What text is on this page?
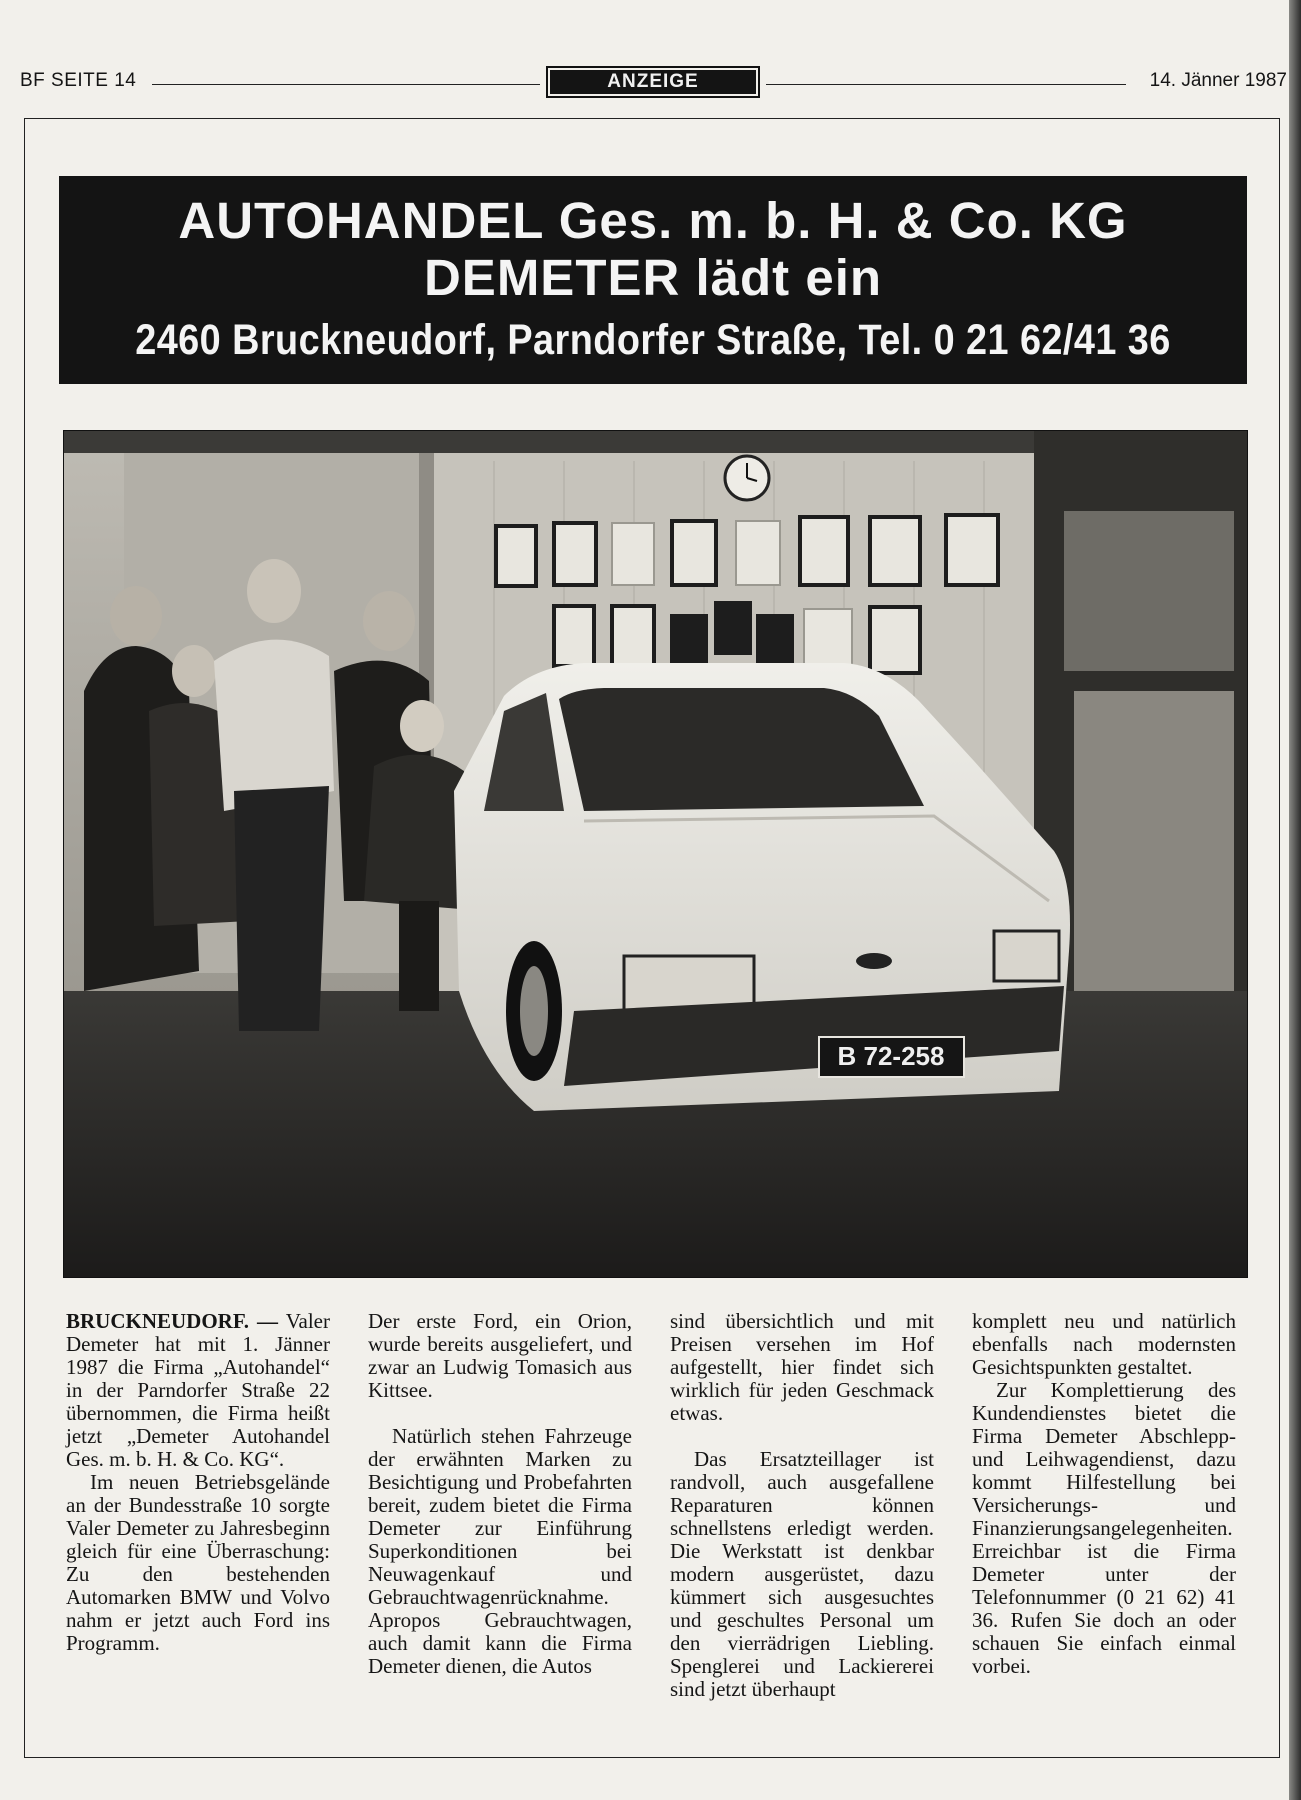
BF SEITE 14	ANZEIGE	14. Jänner 1987
AUTOHANDEL Ges. m. b. H. & Co. KG
DEMETER lädt ein
2460 Bruckneudorf, Parndorfer Straße, Tel. 0 21 62/41 36
B 72-258

BRUCKNEUDORF. — Valer Demeter hat mit 1. Jänner 1987 die Firma „Autohandel“ in der Parndorfer Straße 22 übernommen, die Firma heißt jetzt „Demeter Autohandel Ges. m. b. H. & Co. KG“.

Im neuen Betriebsgelände an der Bundesstraße 10 sorgte Valer Demeter zu Jahresbeginn gleich für eine Überraschung: Zu den bestehenden Automarken BMW und Volvo nahm er jetzt auch Ford ins Programm.

Der erste Ford, ein Orion, wurde bereits ausgeliefert, und zwar an Ludwig Tomasich aus Kittsee.

Natürlich stehen Fahrzeuge der erwähnten Marken zu Besichtigung und Probefahrten bereit, zudem bietet die Firma Demeter zur Einführung Superkonditionen bei Neuwagenkauf und Gebrauchtwagenrücknahme. Apropos Gebrauchtwagen, auch damit kann die Firma Demeter dienen, die Autos

sind übersichtlich und mit Preisen versehen im Hof aufgestellt, hier findet sich wirklich für jeden Geschmack etwas.

Das Ersatzteillager ist randvoll, auch ausgefallene Reparaturen können schnellstens erledigt werden. Die Werkstatt ist denkbar modern ausgerüstet, dazu kümmert sich ausgesuchtes und geschultes Personal um den vierrädrigen Liebling. Spenglerei und Lackiererei sind jetzt überhaupt

komplett neu und natürlich ebenfalls nach modernsten Gesichtspunkten gestaltet.

Zur Komplettierung des Kundendienstes bietet die Firma Demeter Abschlepp- und Leihwagendienst, dazu kommt Hilfestellung bei Versicherungs- und Finanzierungsangelegenheiten.

Erreichbar ist die Firma Demeter unter der Telefonnummer (0 21 62) 41 36. Rufen Sie doch an oder schauen Sie einfach einmal vorbei.
